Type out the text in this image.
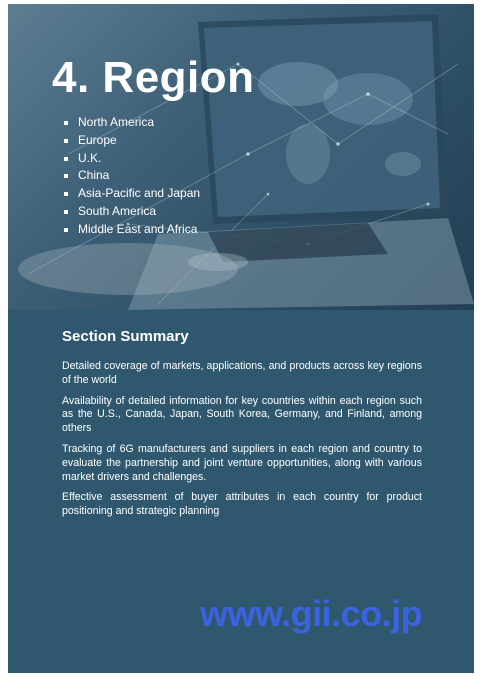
4. Region
North America
Europe
U.K.
China
Asia-Pacific and Japan
South America
Middle East and Africa
Section Summary

Detailed coverage of markets, applications, and products across key regions of the world

Availability of detailed information for key countries within each region such as the U.S., Canada, Japan, South Korea, Germany, and Finland, among others

Tracking of 6G manufacturers and suppliers in each region and country to evaluate the partnership and joint venture opportunities, along with various market drivers and challenges.

Effective assessment of buyer attributes in each country for product positioning and strategic planning

www.gii.co.jp
